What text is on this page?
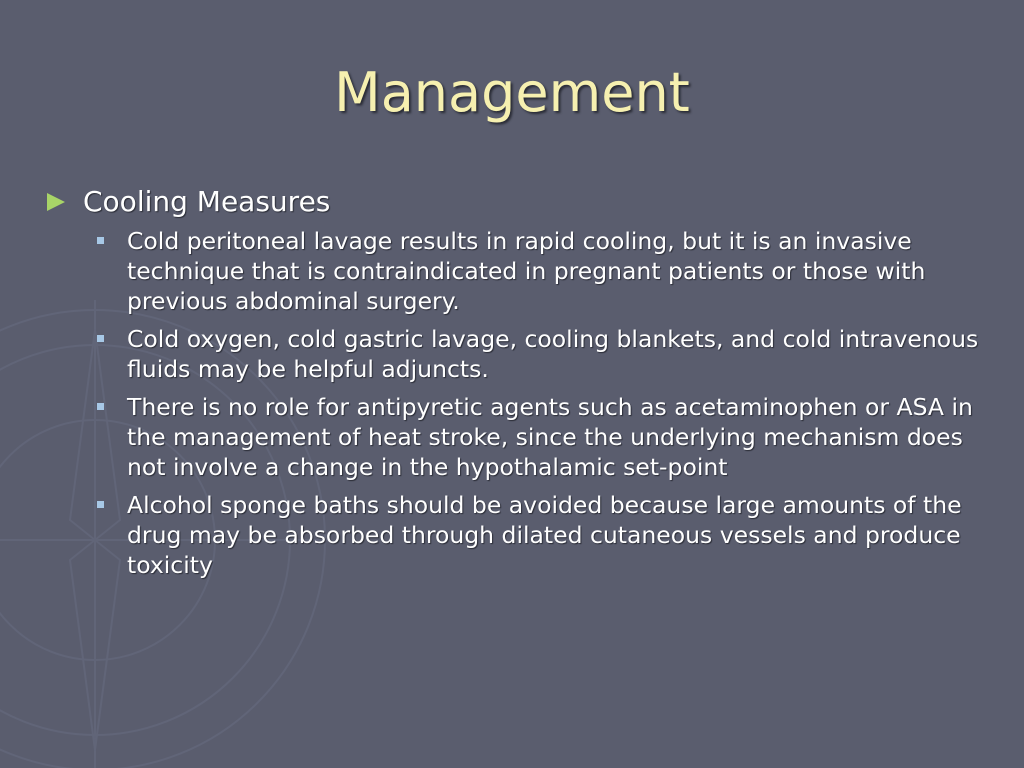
Management
Cooling Measures
Cold peritoneal lavage results in rapid cooling, but it is an invasive technique that is contraindicated in pregnant patients or those with previous abdominal surgery.
Cold oxygen, cold gastric lavage, cooling blankets, and cold intravenous fluids may be helpful adjuncts.
There is no role for antipyretic agents such as acetaminophen or ASA in the management of heat stroke, since the underlying mechanism does not involve a change in the hypothalamic set-point
Alcohol sponge baths should be avoided because large amounts of the drug may be absorbed through dilated cutaneous vessels and produce toxicity
